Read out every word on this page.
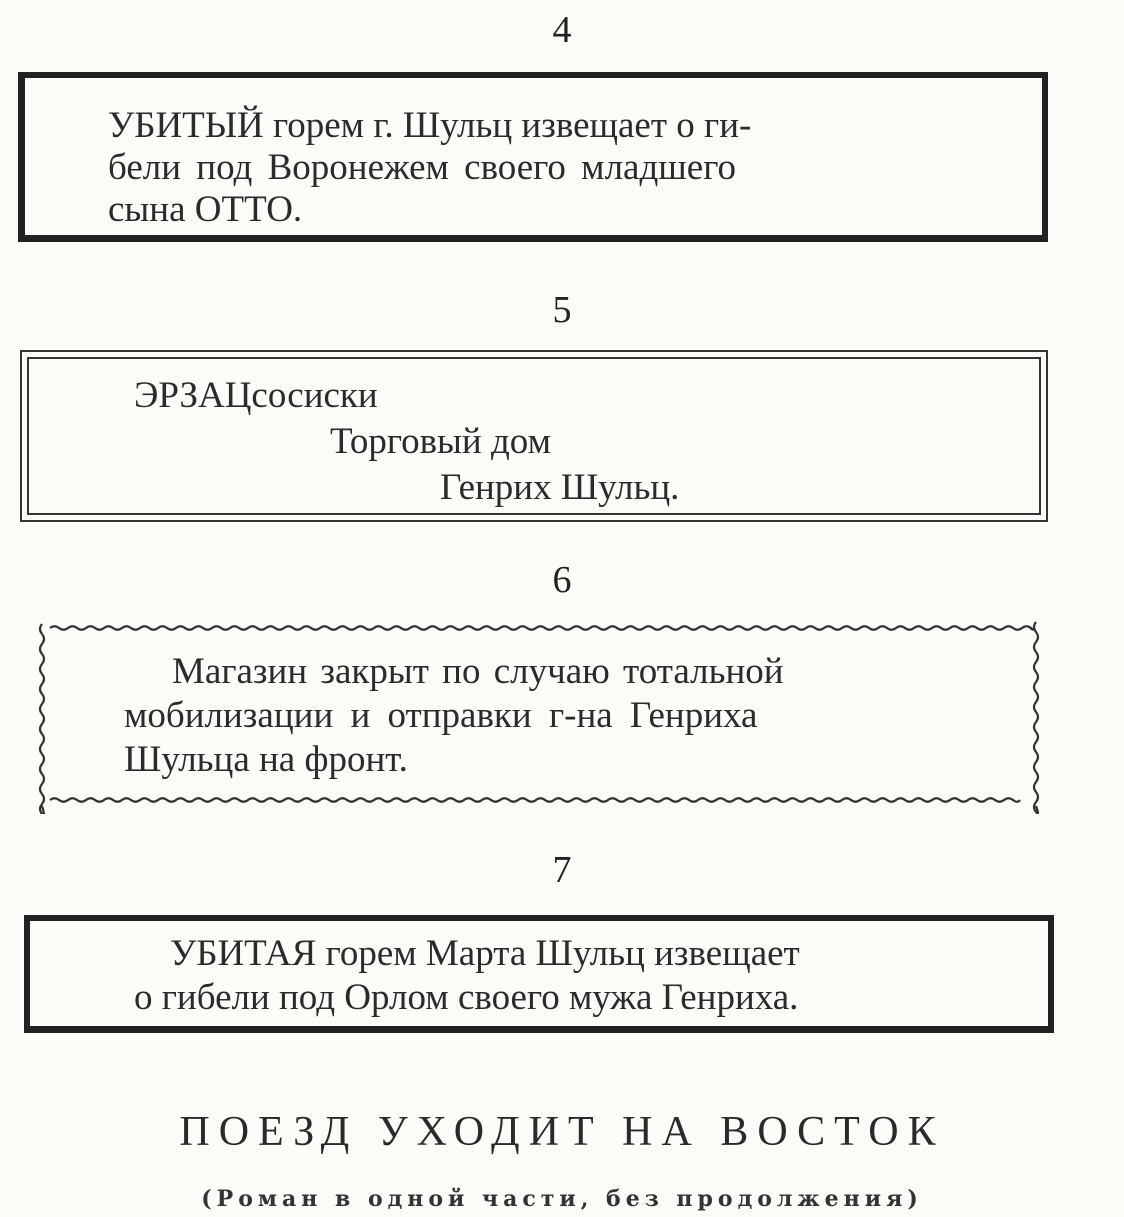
4
УБИТЫЙ горем г. Шульц извещает о ги-
бели под Воронежем своего младшего
сына ОТТО.
5
ЭРЗАЦсосиски
Торговый дом
Генрих Шульц.
6
Магазин закрыт по случаю тотальной
мобилизации и отправки г-на Генриха
Шульца на фронт.
7
УБИТАЯ горем Марта Шульц извещает
о гибели под Орлом своего мужа Генриха.
ПОЕЗД УХОДИТ НА ВОСТОК
(Роман в одной части, без продолжения)
